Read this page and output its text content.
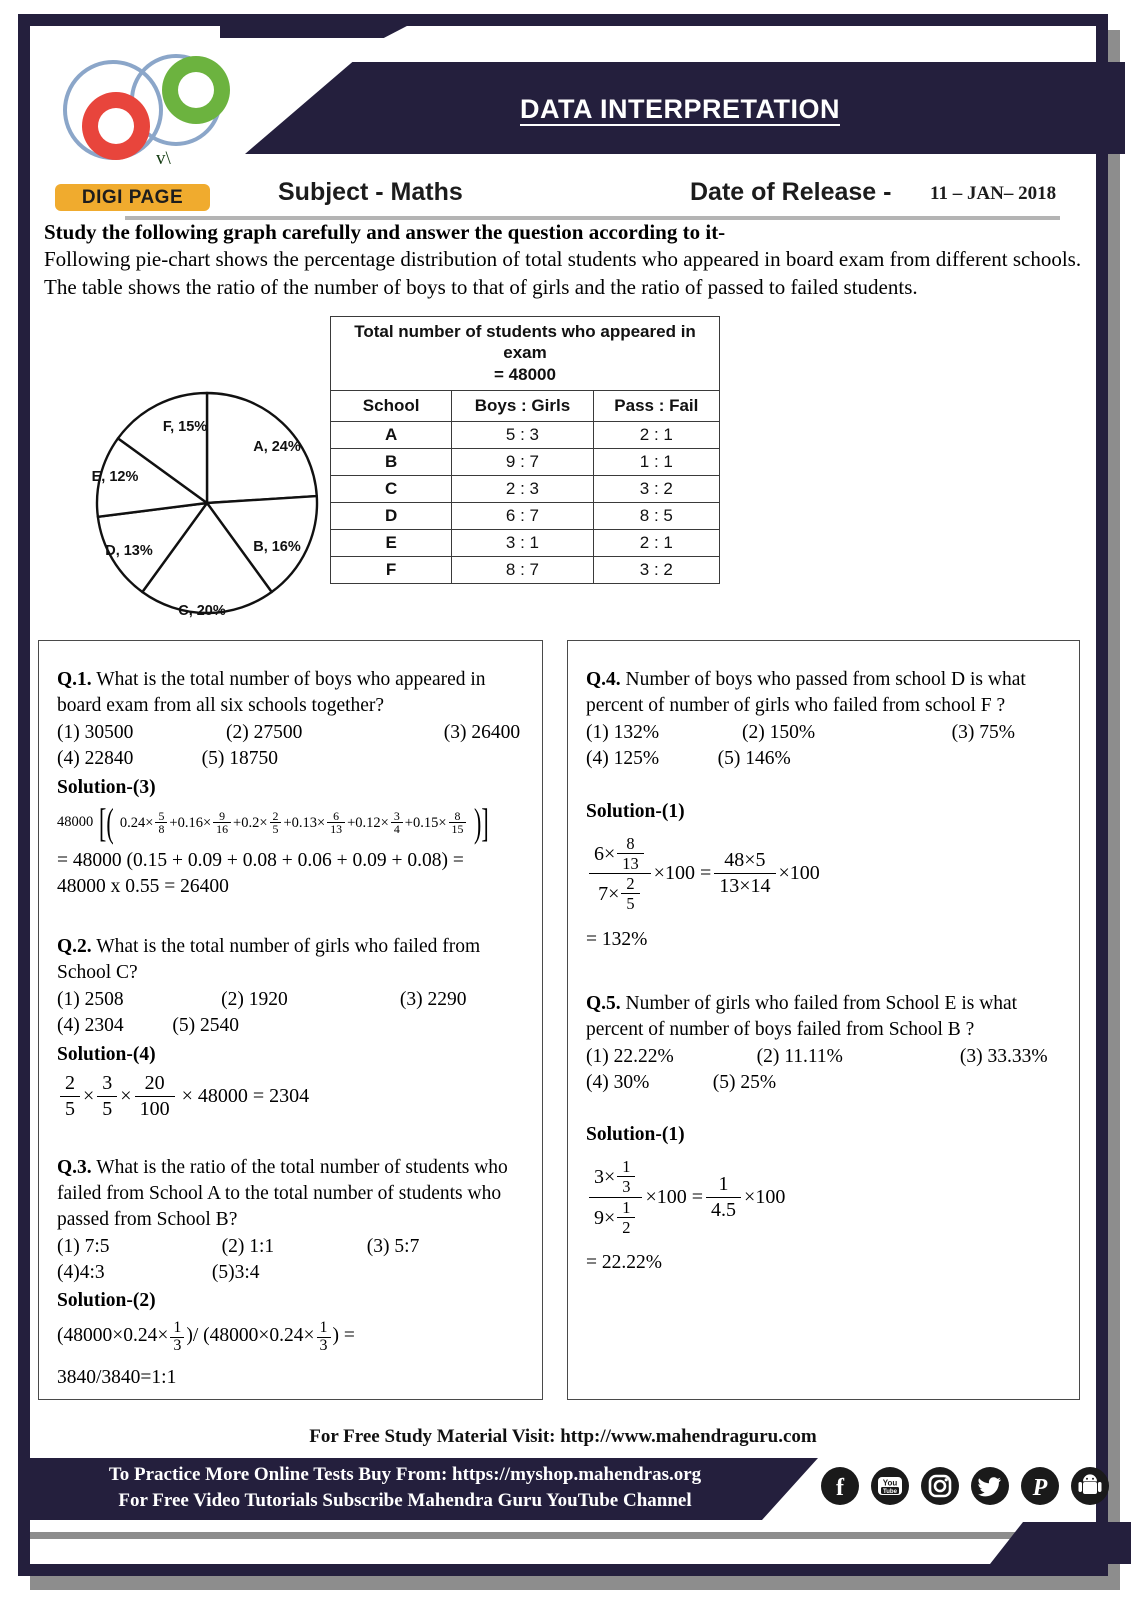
DATA INTERPRETATION
v\
DIGI PAGE	Subject - Maths	Date of Release - 11 – JAN– 2018
Study the following graph carefully and answer the question according to it-
Following pie-chart shows the percentage distribution of total students who appeared in board exam from different schools. The table shows the ratio of the number of boys to that of girls and the ratio of passed to failed students.
A, 24%
B, 16%
C, 20%
D, 13%
E, 12%
F, 15%
Total number of students who appeared in exam
= 48000		
School	Boys : Girls	Pass : Fail
A	5 : 3	2 : 1
B	9 : 7	1 : 1
C	2 : 3	3 : 2
D	6 : 7	8 : 5
E	3 : 1	2 : 1
F	8 : 7	3 : 2
Q.1. What is the total number of boys who appeared in board exam from all six schools together?
(1) 30500                   (2) 27500                             (3) 26400
(4) 22840              (5) 18750
Solution-(3)
48000 [( $0.24\times \frac{5}{8} +0.16\times \frac{9}{16} +0.2\times \frac{2}{5} +0.13\times \frac{6}{13} +0.12\times \frac{3}{4} +0.15\times \frac{8}{15}$ )]
= 48000 (0.15 + 0.09 + 0.08 + 0.06 + 0.09 + 0.08) =
48000 x 0.55 = 26400
Q.2. What is the total number of girls who failed from School C?
(1) 2508                    (2) 1920                       (3) 2290
(4) 2304          (5) 2540
Solution-(4)
$\frac{2}{5} \times \frac{3}{5} \times \frac{20}{100} \times 48000 = 2304$
Q.3. What is the ratio of the total number of students who failed from School A to the total number of students who passed from School B?
(1) 7:5                       (2) 1:1                   (3) 5:7
(4)4:3                      (5)3:4
Solution-(2)
($48000\times 0.24\times \frac{1}{3}$ )/ ($48000\times 0.24\times \frac{1}{3}$ ) =
3840/3840=1:1
Q.4. Number of boys who passed from school D is what percent of number of girls who failed from school F ?
(1) 132%                 (2) 150%                            (3) 75%
(4) 125%            (5) 146%
Solution-(1)
$\frac{6\times \frac{8}{13}}{7\times \frac{2}{5}} \times 100 = \frac{48\times 5}{13\times 14} \times 100$
= 132%
Q.5. Number of girls who failed from School E is what percent of number of boys failed from School B ?
(1) 22.22%                 (2) 11.11%                        (3) 33.33%
(4) 30%             (5) 25%
Solution-(1)
$\frac{3\times \frac{1}{3}}{9\times \frac{1}{2}} \times 100 = \frac{1}{4.5} \times 100$
= 22.22%
For Free Study Material Visit: http://www.mahendraguru.com
To Practice More Online Tests Buy From: https://myshop.mahendras.org
For Free Video Tutorials Subscribe Mahendra Guru YouTube Channel	f	You
Tube	P
